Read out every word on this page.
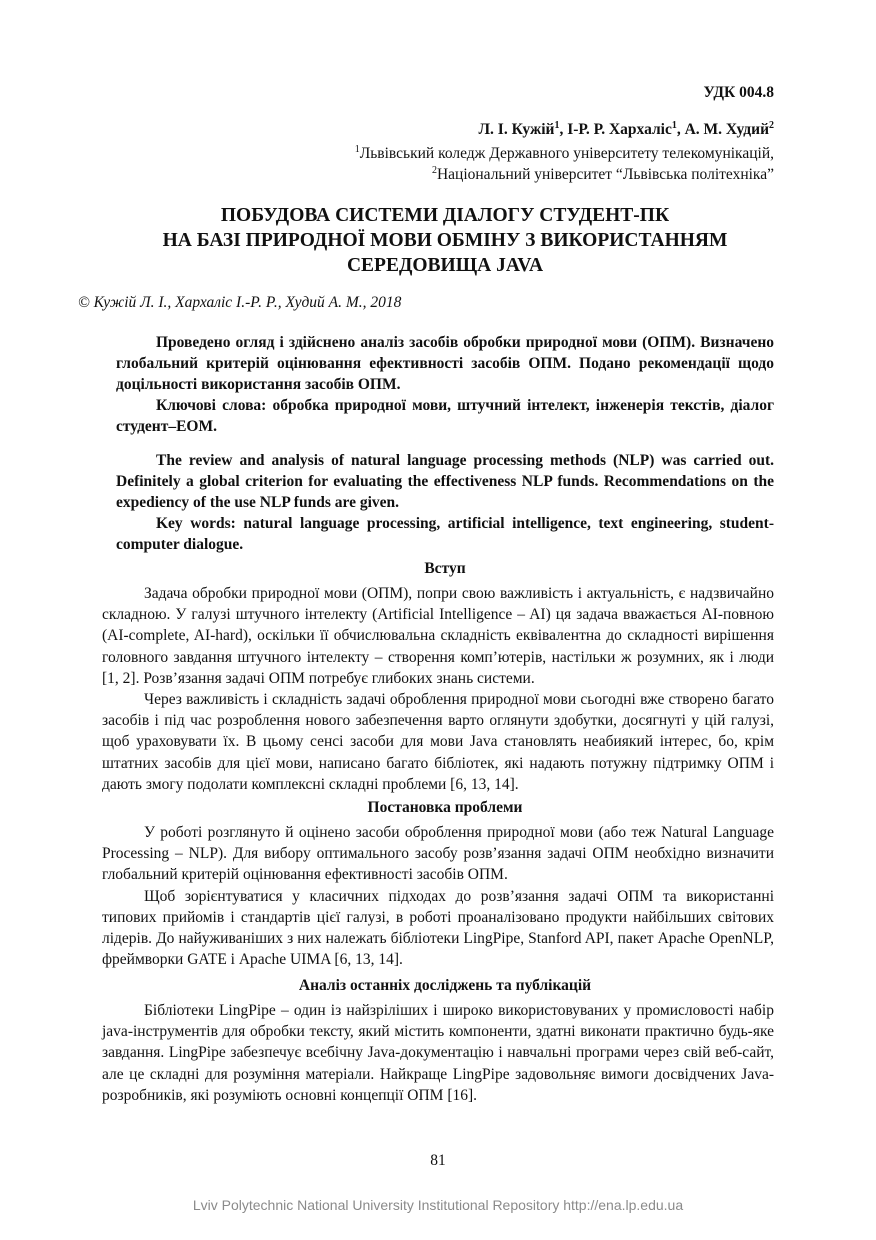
УДК 004.8
Л. І. Кужій$^1$, І-Р. Р. Хархаліс$^1$, А. М. Худий$^2$
$^1$Львівський коледж Державного університету телекомунікацій,
$^2$Національний університет “Львівська політехніка”
ПОБУДОВА СИСТЕМИ ДІАЛОГУ СТУДЕНТ-ПК
НА БАЗІ ПРИРОДНОЇ МОВИ ОБМІНУ З ВИКОРИСТАННЯМ
СЕРЕДОВИЩА JAVA
© Кужій Л. І., Хархаліс І.-Р. Р., Худий А. М., 2018

Проведено огляд і здійснено аналіз засобів обробки природної мови (ОПМ). Визначено глобальний критерій оцінювання ефективності засобів ОПМ. Подано рекомендації щодо доцільності використання засобів ОПМ.

Ключові слова: обробка природної мови, штучний інтелект, інженерія текстів, діалог студент–ЕОМ.

The review and analysis of natural language processing methods (NLP) was carried out. Definitely a global criterion for evaluating the effectiveness NLP funds. Recommendations on the expediency of the use NLP funds are given.

Key words: natural language processing, artificial intelligence, text engineering, student-computer dialogue.

Вступ

Задача обробки природної мови (ОПМ), попри свою важливість і актуальність, є надзвичайно складною. У галузі штучного інтелекту (Artificial Intelligence – AI) ця задача вважається AI-повною (AI-complete, AI-hard), оскільки її обчислювальна складність еквівалентна до складності вирішення головного завдання штучного інтелекту – створення комп’ютерів, настільки ж розумних, як і люди [1, 2]. Розв’язання задачі ОПМ потребує глибоких знань системи.

Через важливість і складність задачі оброблення природної мови сьогодні вже створено багато засобів і під час розроблення нового забезпечення варто оглянути здобутки, досягнуті у цій галузі, щоб ураховувати їх. В цьому сенсі засоби для мови Java становлять неабиякий інтерес, бо, крім штатних засобів для цієї мови, написано багато бібліотек, які надають потужну підтримку ОПМ і дають змогу подолати комплексні складні проблеми [6, 13, 14].

Постановка проблеми

У роботі розглянуто й оцінено засоби оброблення природної мови (або теж Natural Language Processing – NLP). Для вибору оптимального засобу розв’язання задачі ОПМ необхідно визначити глобальний критерій оцінювання ефективності засобів ОПМ.

Щоб зорієнтуватися у класичних підходах до розв’язання задачі ОПМ та використанні типових прийомів і стандартів цієї галузі, в роботі проаналізовано продукти найбільших світових лідерів. До найуживаніших з них належать бібліотеки LingPipe, Stanford API, пакет Apache OpenNLP, фреймворки GATE і Apache UIMA [6, 13, 14].

Аналіз останніх досліджень та публікацій

Бібліотеки LingPipe – один із найзріліших і широко використовуваних у промисловості набір java-інструментів для обробки тексту, який містить компоненти, здатні виконати практично будь-яке завдання. LingPipe забезпечує всебічну Java-документацію і навчальні програми через свій веб-сайт, але це складні для розуміння матеріали. Найкраще LingPipe задовольняє вимоги досвідчених Java-розробників, які розуміють основні концепції ОПМ [16].

81
Lviv Polytechnic National University Institutional Repository http://ena.lp.edu.ua
